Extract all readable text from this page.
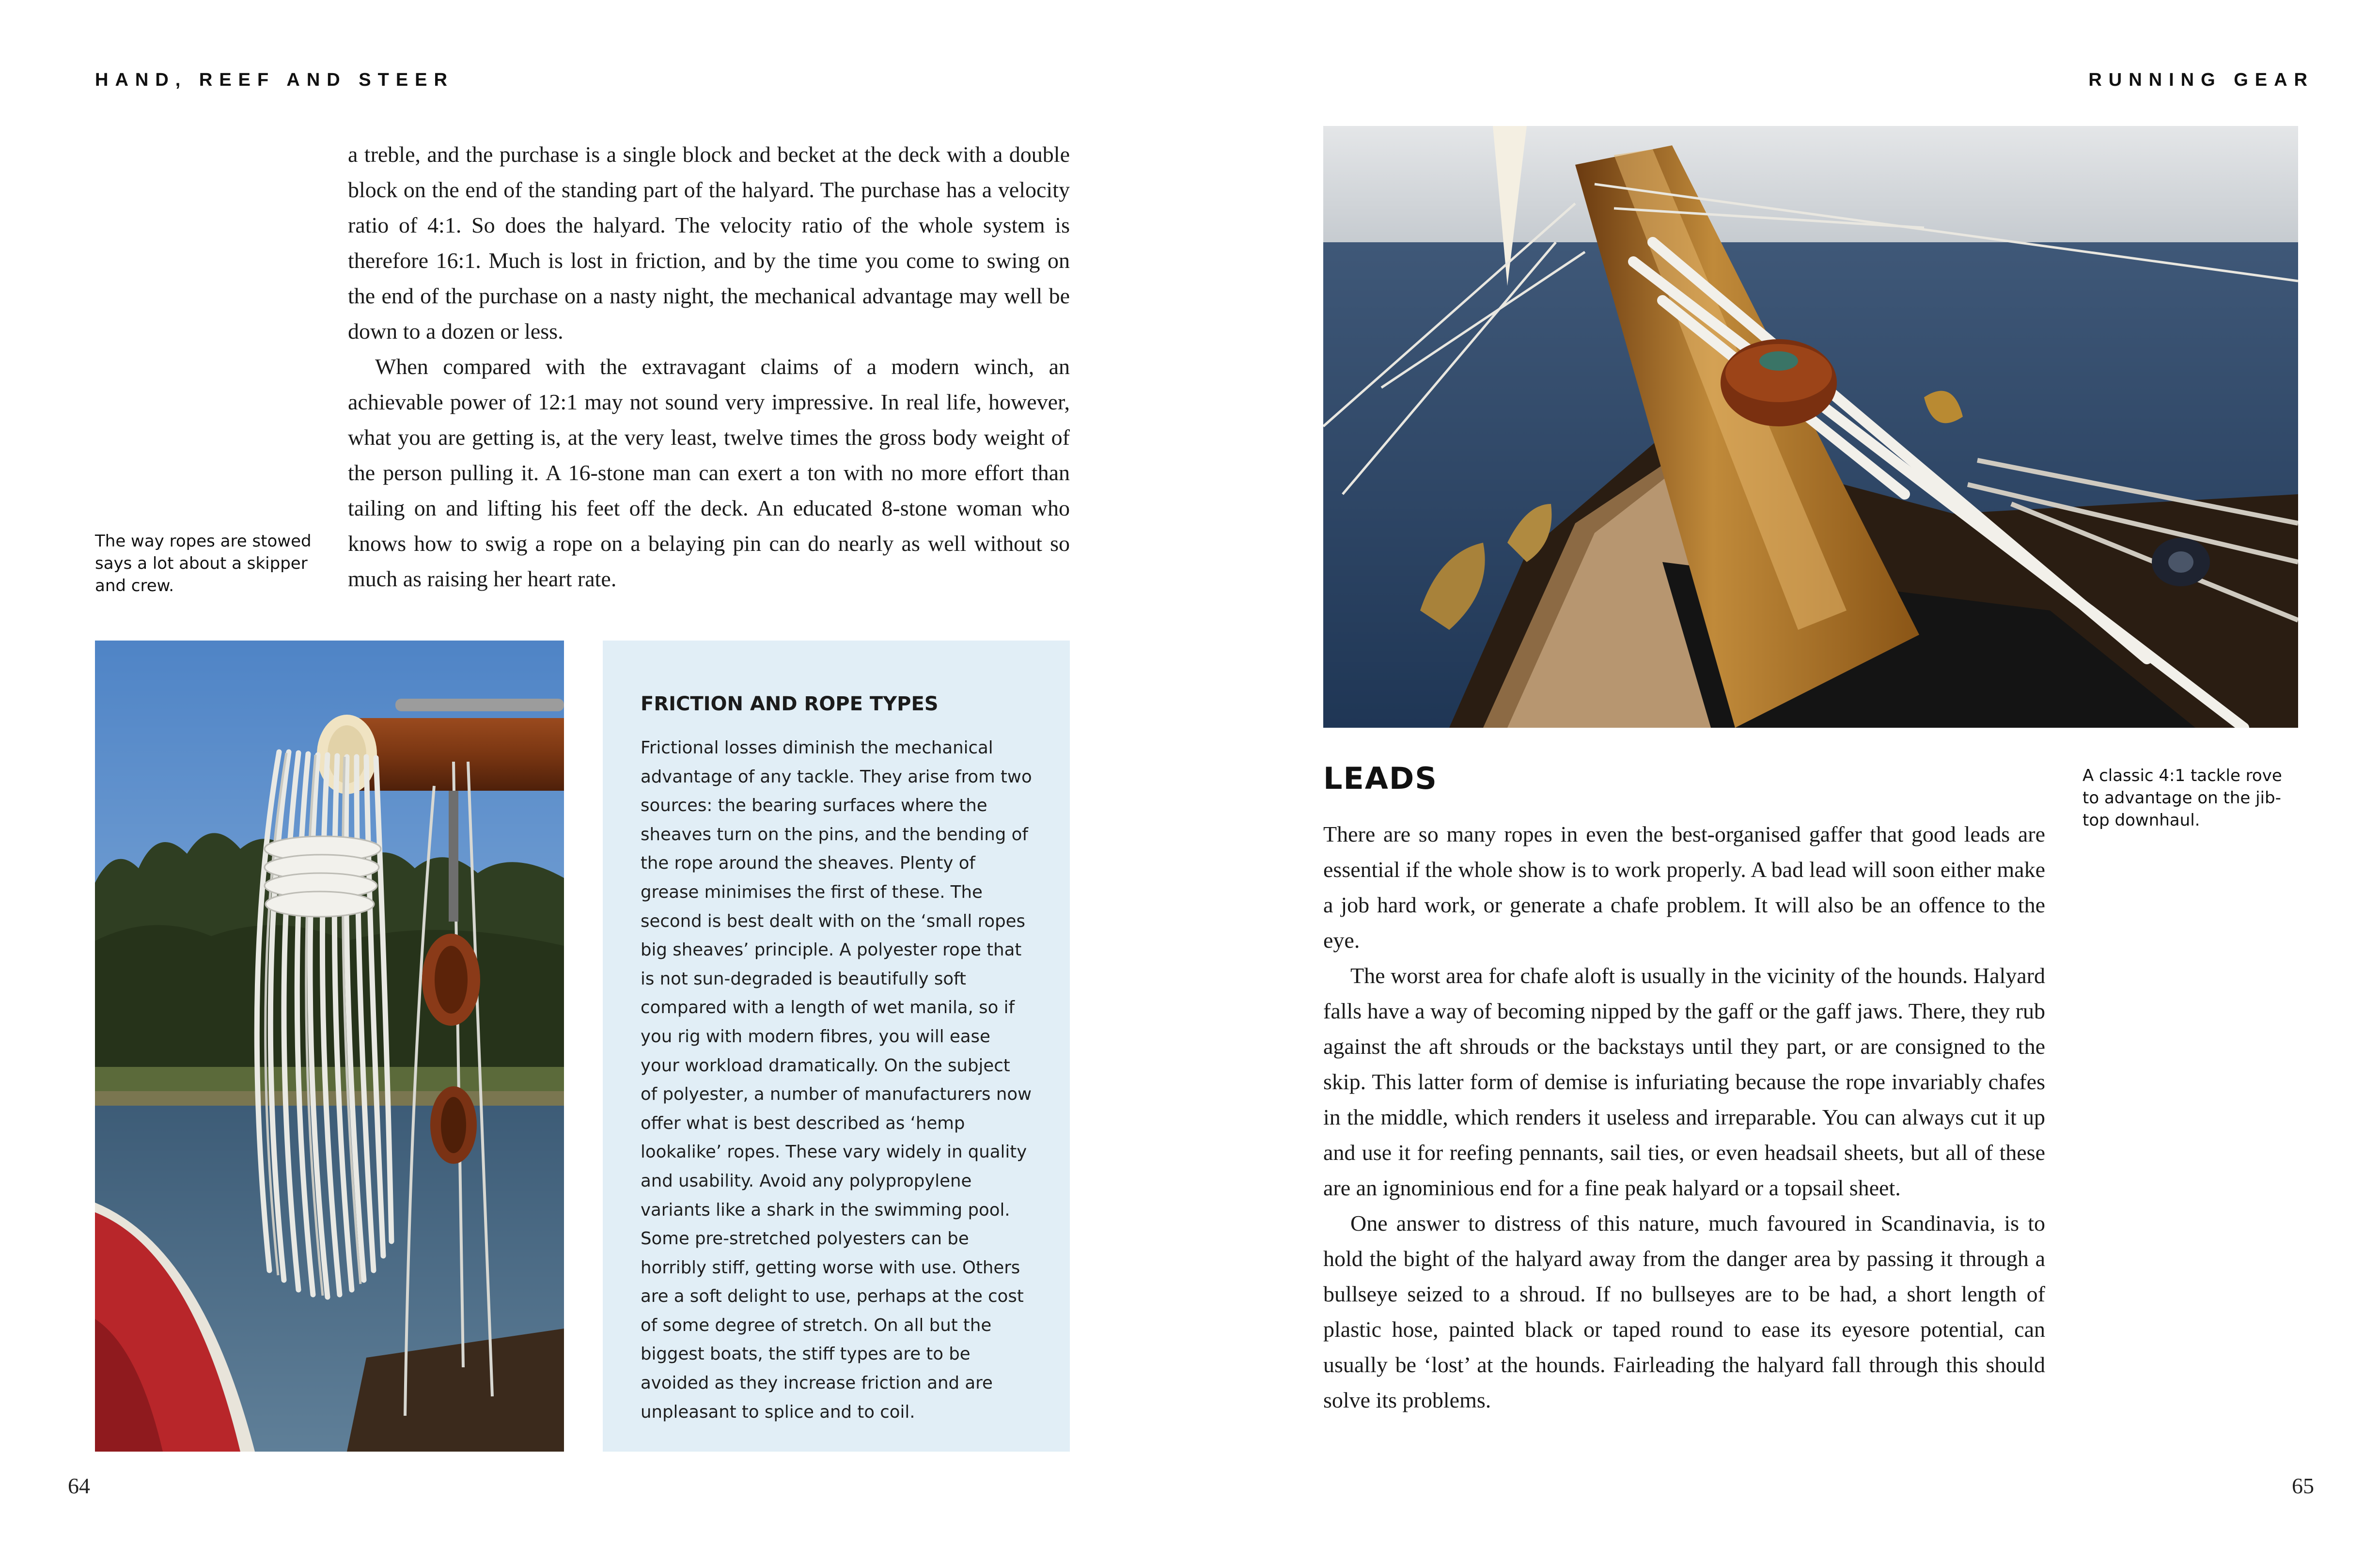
HAND, REEF AND STEER	RUNNING GEAR

The way ropes are stowed says a lot about a skipper and crew.

a treble, and the purchase is a single block and becket at the deck with a double block on the end of the standing part of the halyard. The purchase has a velocity ratio of 4:1. So does the halyard. The velocity ratio of the whole system is therefore 16:1. Much is lost in friction, and by the time you come to swing on the end of the purchase on a nasty night, the mechanical advantage may well be down to a dozen or less.

When compared with the extravagant claims of a modern winch, an achievable power of 12:1 may not sound very impressive. In real life, however, what you are getting is, at the very least, twelve times the gross body weight of the person pulling it. A 16-stone man can exert a ton with no more effort than tailing on and lifting his feet off the deck. An educated 8-stone woman who knows how to swig a rope on a belaying pin can do nearly as well without so much as raising her heart rate.

FRICTION AND ROPE TYPES

Frictional losses diminish the mechanical advantage of any tackle. They arise from two sources: the bearing surfaces where the sheaves turn on the pins, and the bending of the rope around the sheaves. Plenty of grease minimises the first of these. The second is best dealt with on the ‘small ropes big sheaves’ principle. A polyester rope that is not sun-degraded is beautifully soft compared with a length of wet manila, so if you rig with modern fibres, you will ease your workload dramatically. On the subject of polyester, a number of manufacturers now offer what is best described as ‘hemp lookalike’ ropes. These vary widely in quality and usability. Avoid any polypropylene variants like a shark in the swimming pool. Some pre-stretched polyesters can be horribly stiff, getting worse with use. Others are a soft delight to use, perhaps at the cost of some degree of stretch. On all but the biggest boats, the stiff types are to be avoided as they increase friction and are unpleasant to splice and to coil.

A classic 4:1 tackle rove to advantage on the jib-top downhaul.

LEADS

There are so many ropes in even the best-organised gaffer that good leads are essential if the whole show is to work properly. A bad lead will soon either make a job hard work, or generate a chafe problem. It will also be an offence to the eye.

The worst area for chafe aloft is usually in the vicinity of the hounds. Halyard falls have a way of becoming nipped by the gaff or the gaff jaws. There, they rub against the aft shrouds or the backstays until they part, or are consigned to the skip. This latter form of demise is infuriating because the rope invariably chafes in the middle, which renders it useless and irreparable. You can always cut it up and use it for reefing pennants, sail ties, or even headsail sheets, but all of these are an ignominious end for a fine peak halyard or a topsail sheet.

One answer to distress of this nature, much favoured in Scandinavia, is to hold the bight of the halyard away from the danger area by passing it through a bullseye seized to a shroud. If no bullseyes are to be had, a short length of plastic hose, painted black or taped round to ease its eyesore potential, can usually be ‘lost’ at the hounds. Fairleading the halyard fall through this should solve its problems.

64	65
